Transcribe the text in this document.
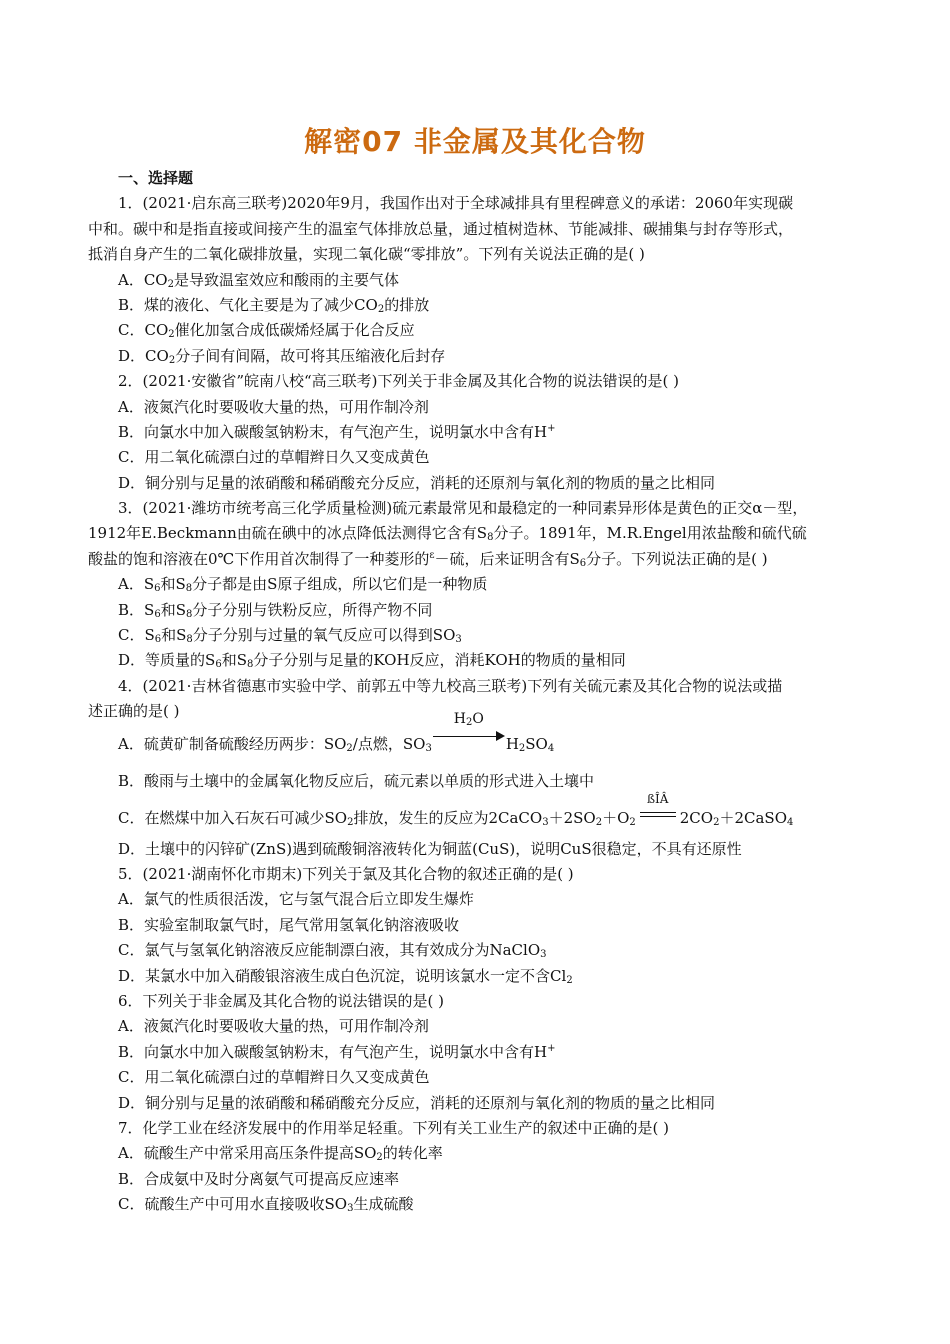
解密07 非金属及其化合物
一、选择题
1．(2021·启东高三联考)2020年9月，我国作出对于全球减排具有里程碑意义的承诺：2060年实现碳
中和。碳中和是指直接或间接产生的温室气体排放总量，通过植树造林、节能减排、碳捕集与封存等形式，
抵消自身产生的二氧化碳排放量，实现二氧化碳“零排放”。下列有关说法正确的是( )
A．$CO_2$是导致温室效应和酸雨的主要气体
B．煤的液化、气化主要是为了减少$CO_2$的排放
C．$CO_2$催化加氢合成低碳烯烃属于化合反应
D．$CO_2$分子间有间隔，故可将其压缩液化后封存
2．(2021·安徽省”皖南八校“高三联考)下列关于非金属及其化合物的说法错误的是( )
A．液氮汽化时要吸收大量的热，可用作制冷剂
B．向氯水中加入碳酸氢钠粉末，有气泡产生，说明氯水中含有H+
C．用二氧化硫漂白过的草帽辫日久又变成黄色
D．铜分别与足量的浓硝酸和稀硝酸充分反应，消耗的还原剂与氧化剂的物质的量之比相同
3．(2021·潍坊市统考高三化学质量检测)硫元素最常见和最稳定的一种同素异形体是黄色的正交α－型，
1912年E.Beckmann由硫在碘中的冰点降低法测得它含有$S_8$分子。1891年，M.R.Engel用浓盐酸和硫代硫
酸盐的饱和溶液在0℃下作用首次制得了一种菱形的$^\varepsilon$－硫，后来证明含有$S_6$分子。下列说法正确的是( )
A．$S_6$和$S_8$分子都是由S原子组成，所以它们是一种物质
B．$S_6$和$S_8$分子分别与铁粉反应，所得产物不同
C．$S_6$和$S_8$分子分别与过量的氧气反应可以得到$SO_3$
D．等质量的$S_6$和$S_8$分子分别与足量的KOH反应，消耗KOH的物质的量相同
4．(2021·吉林省德惠市实验中学、前郭五中等九校高三联考)下列有关硫元素及其化合物的说法或描
述正确的是( )
A．硫黄矿制备硫酸经历两步：$SO_2/$点燃，$SO_3$
$H_2O$
$H_2SO_4$
B．酸雨与土壤中的金属氧化物反应后，硫元素以单质的形式进入土壤中
C．在燃煤中加入石灰石可减少$SO_2$排放，发生的反应为$2CaCO_3+2SO_2+O_2$
ßÎÂ
$2CO_2+2CaSO_4$
D．土壤中的闪锌矿(ZnS)遇到硫酸铜溶液转化为铜蓝(CuS)，说明CuS很稳定，不具有还原性
5．(2021·湖南怀化市期末)下列关于氯及其化合物的叙述正确的是( )
A．氯气的性质很活泼，它与氢气混合后立即发生爆炸
B．实验室制取氯气时，尾气常用氢氧化钠溶液吸收
C．氯气与氢氧化钠溶液反应能制漂白液，其有效成分为NaClO$_3$
D．某氯水中加入硝酸银溶液生成白色沉淀，说明该氯水一定不含$Cl_2$
6．下列关于非金属及其化合物的说法错误的是( )
A．液氮汽化时要吸收大量的热，可用作制冷剂
B．向氯水中加入碳酸氢钠粉末，有气泡产生，说明氯水中含有H+
C．用二氧化硫漂白过的草帽辫日久又变成黄色
D．铜分别与足量的浓硝酸和稀硝酸充分反应，消耗的还原剂与氧化剂的物质的量之比相同
7．化学工业在经济发展中的作用举足轻重。下列有关工业生产的叙述中正确的是( )
A．硫酸生产中常采用高压条件提高$SO_2$的转化率
B．合成氨中及时分离氨气可提高反应速率
C．硫酸生产中可用水直接吸收$SO_3$生成硫酸
